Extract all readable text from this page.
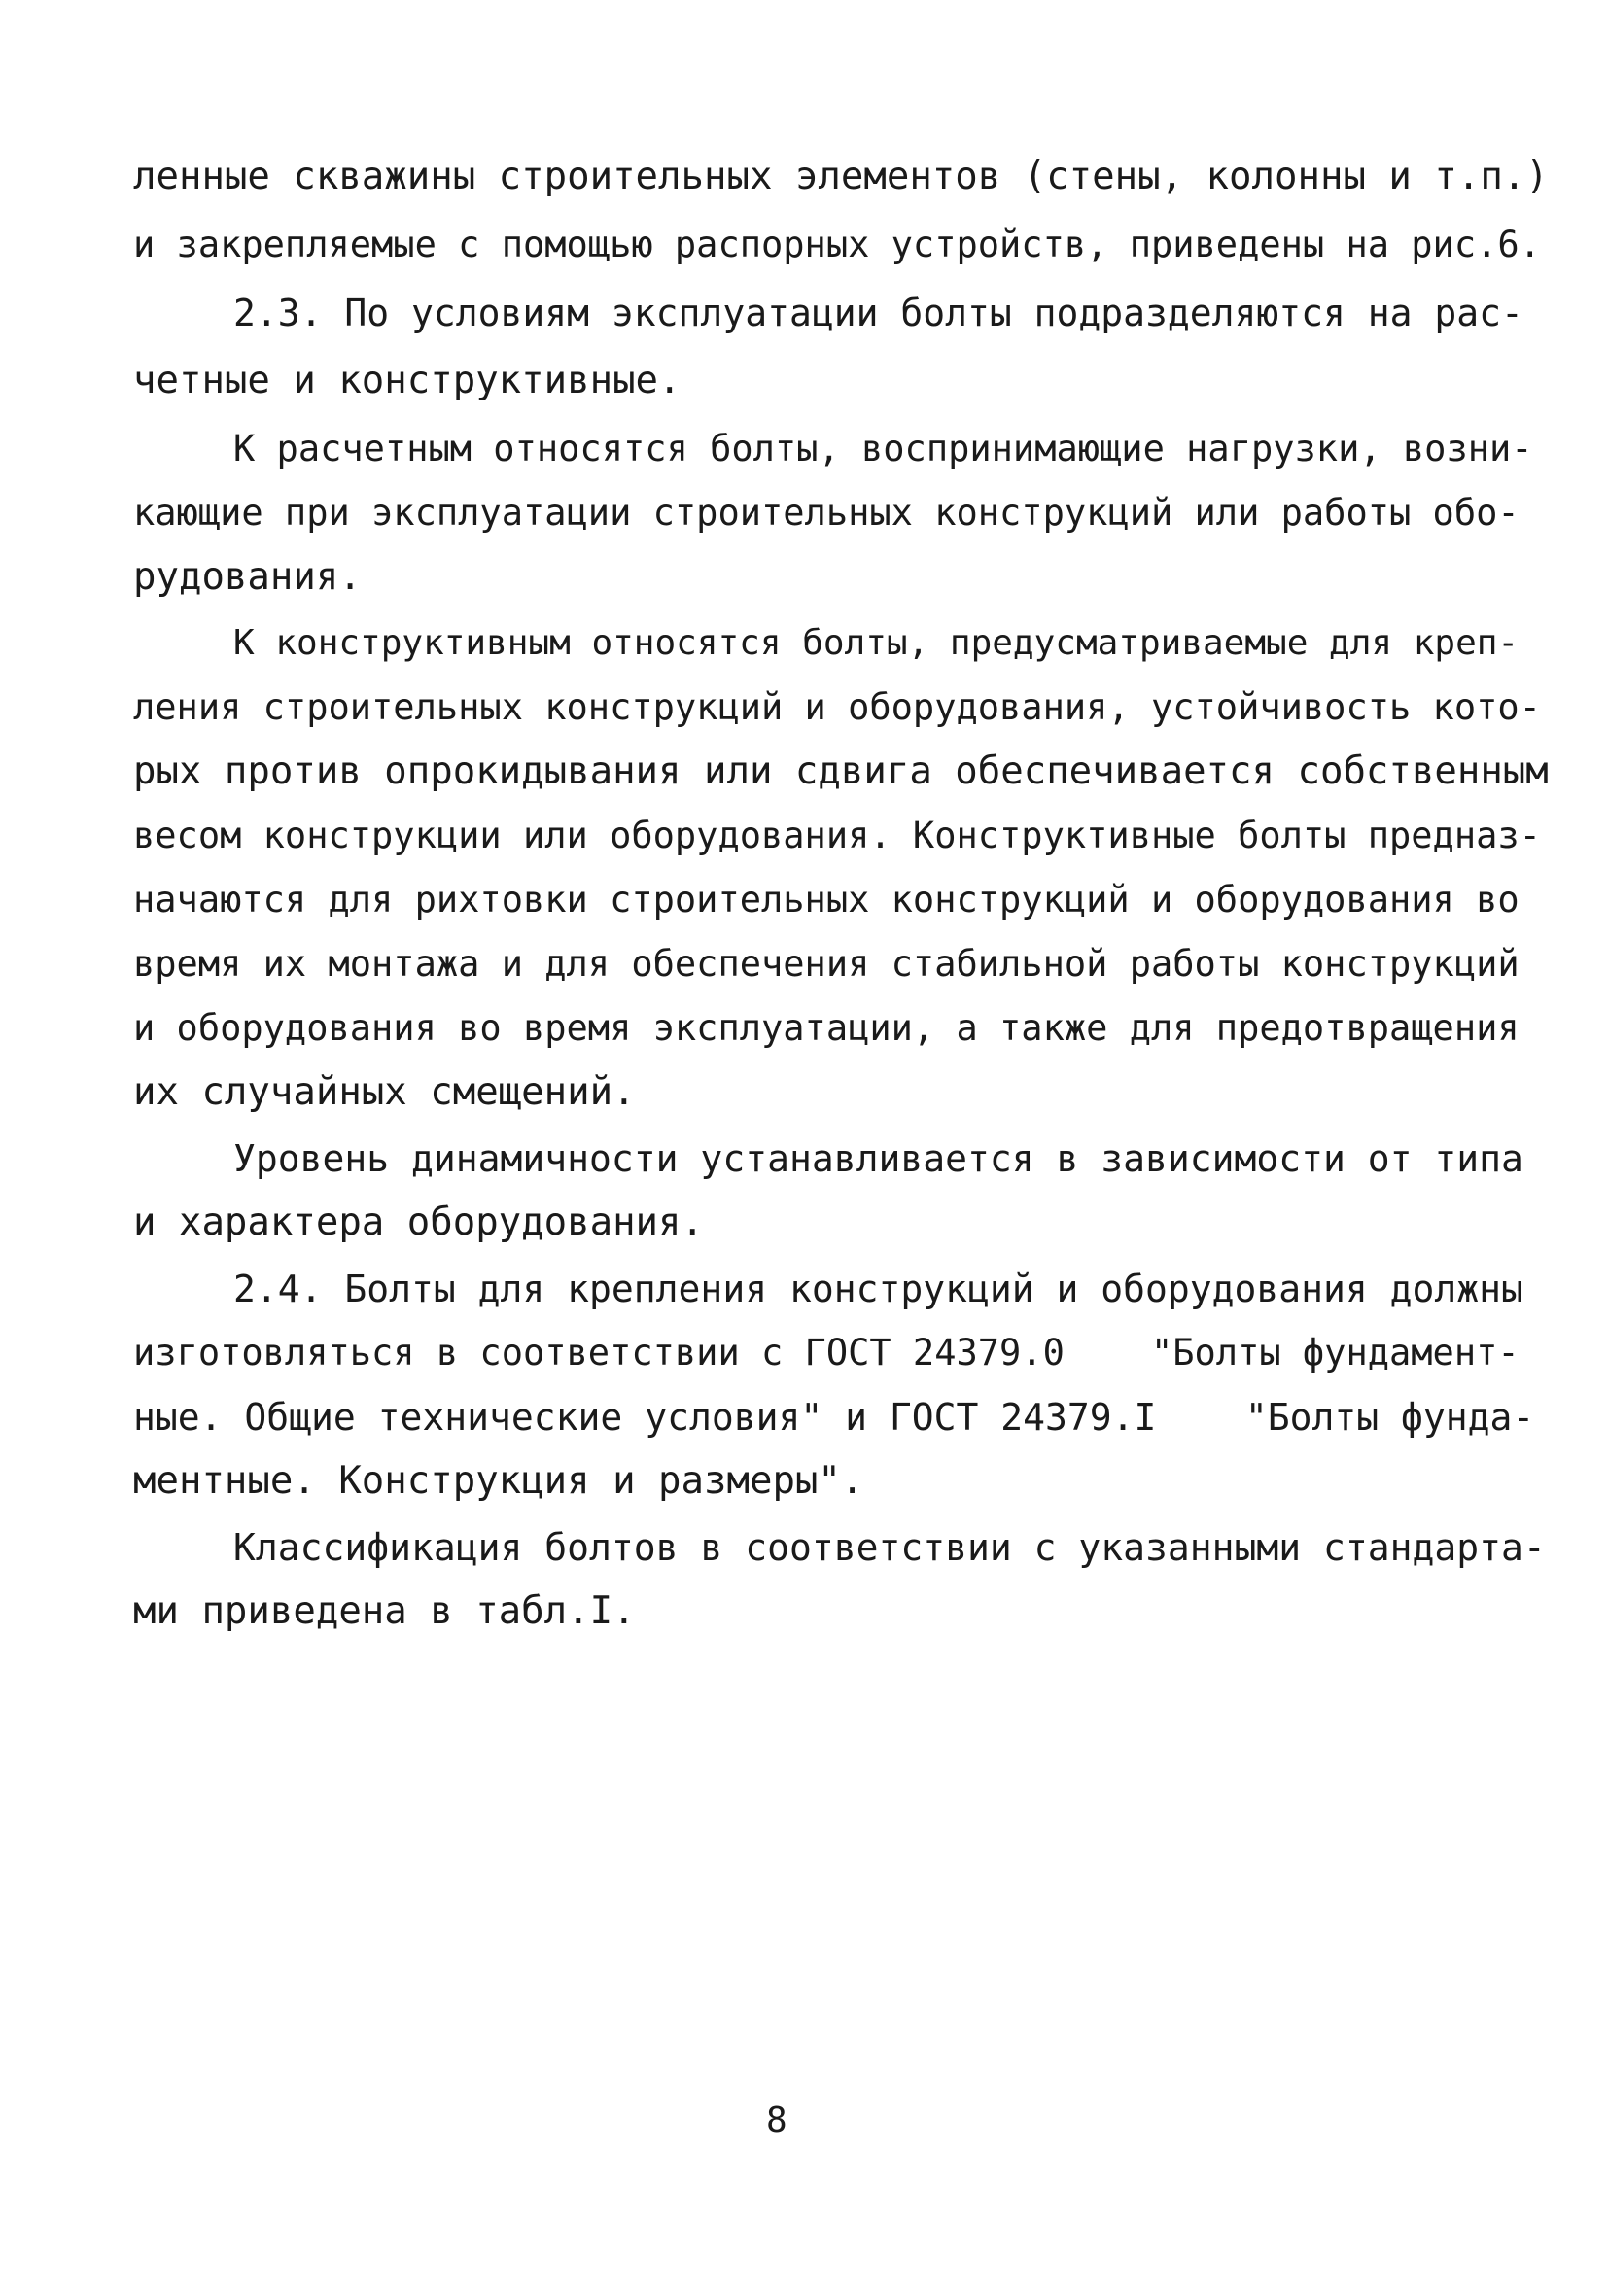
ленные скважины строительных элементов (стены, колонны и т.п.)
и закрепляемые с помощью распорных устройств, приведены на рис.6.
2.3. По условиям эксплуатации болты подразделяются на рас-
четные и конструктивные.
К расчетным относятся болты, воспринимающие нагрузки, возни-
кающие при эксплуатации строительных конструкций или работы обо-
рудования.
К конструктивным относятся болты, предусматриваемые для креп-
ления строительных конструкций и оборудования, устойчивость кото-
рых против опрокидывания или сдвига обеспечивается собственным
весом конструкции или оборудования. Конструктивные болты предназ-
начаются для рихтовки строительных конструкций и оборудования во
время их монтажа и для обеспечения стабильной работы конструкций
и оборудования во время эксплуатации, а также для предотвращения
их случайных смещений.
Уровень динамичности устанавливается в зависимости от типа
и характера оборудования.
2.4. Болты для крепления конструкций и оборудования должны
изготовляться в соответствии с ГОСТ 24379.0    "Болты фундамент-
ные. Общие технические условия" и ГОСТ 24379.I    "Болты фунда-
ментные. Конструкция и размеры".
Классификация болтов в соответствии с указанными стандарта-
ми приведена в табл.I.
8
